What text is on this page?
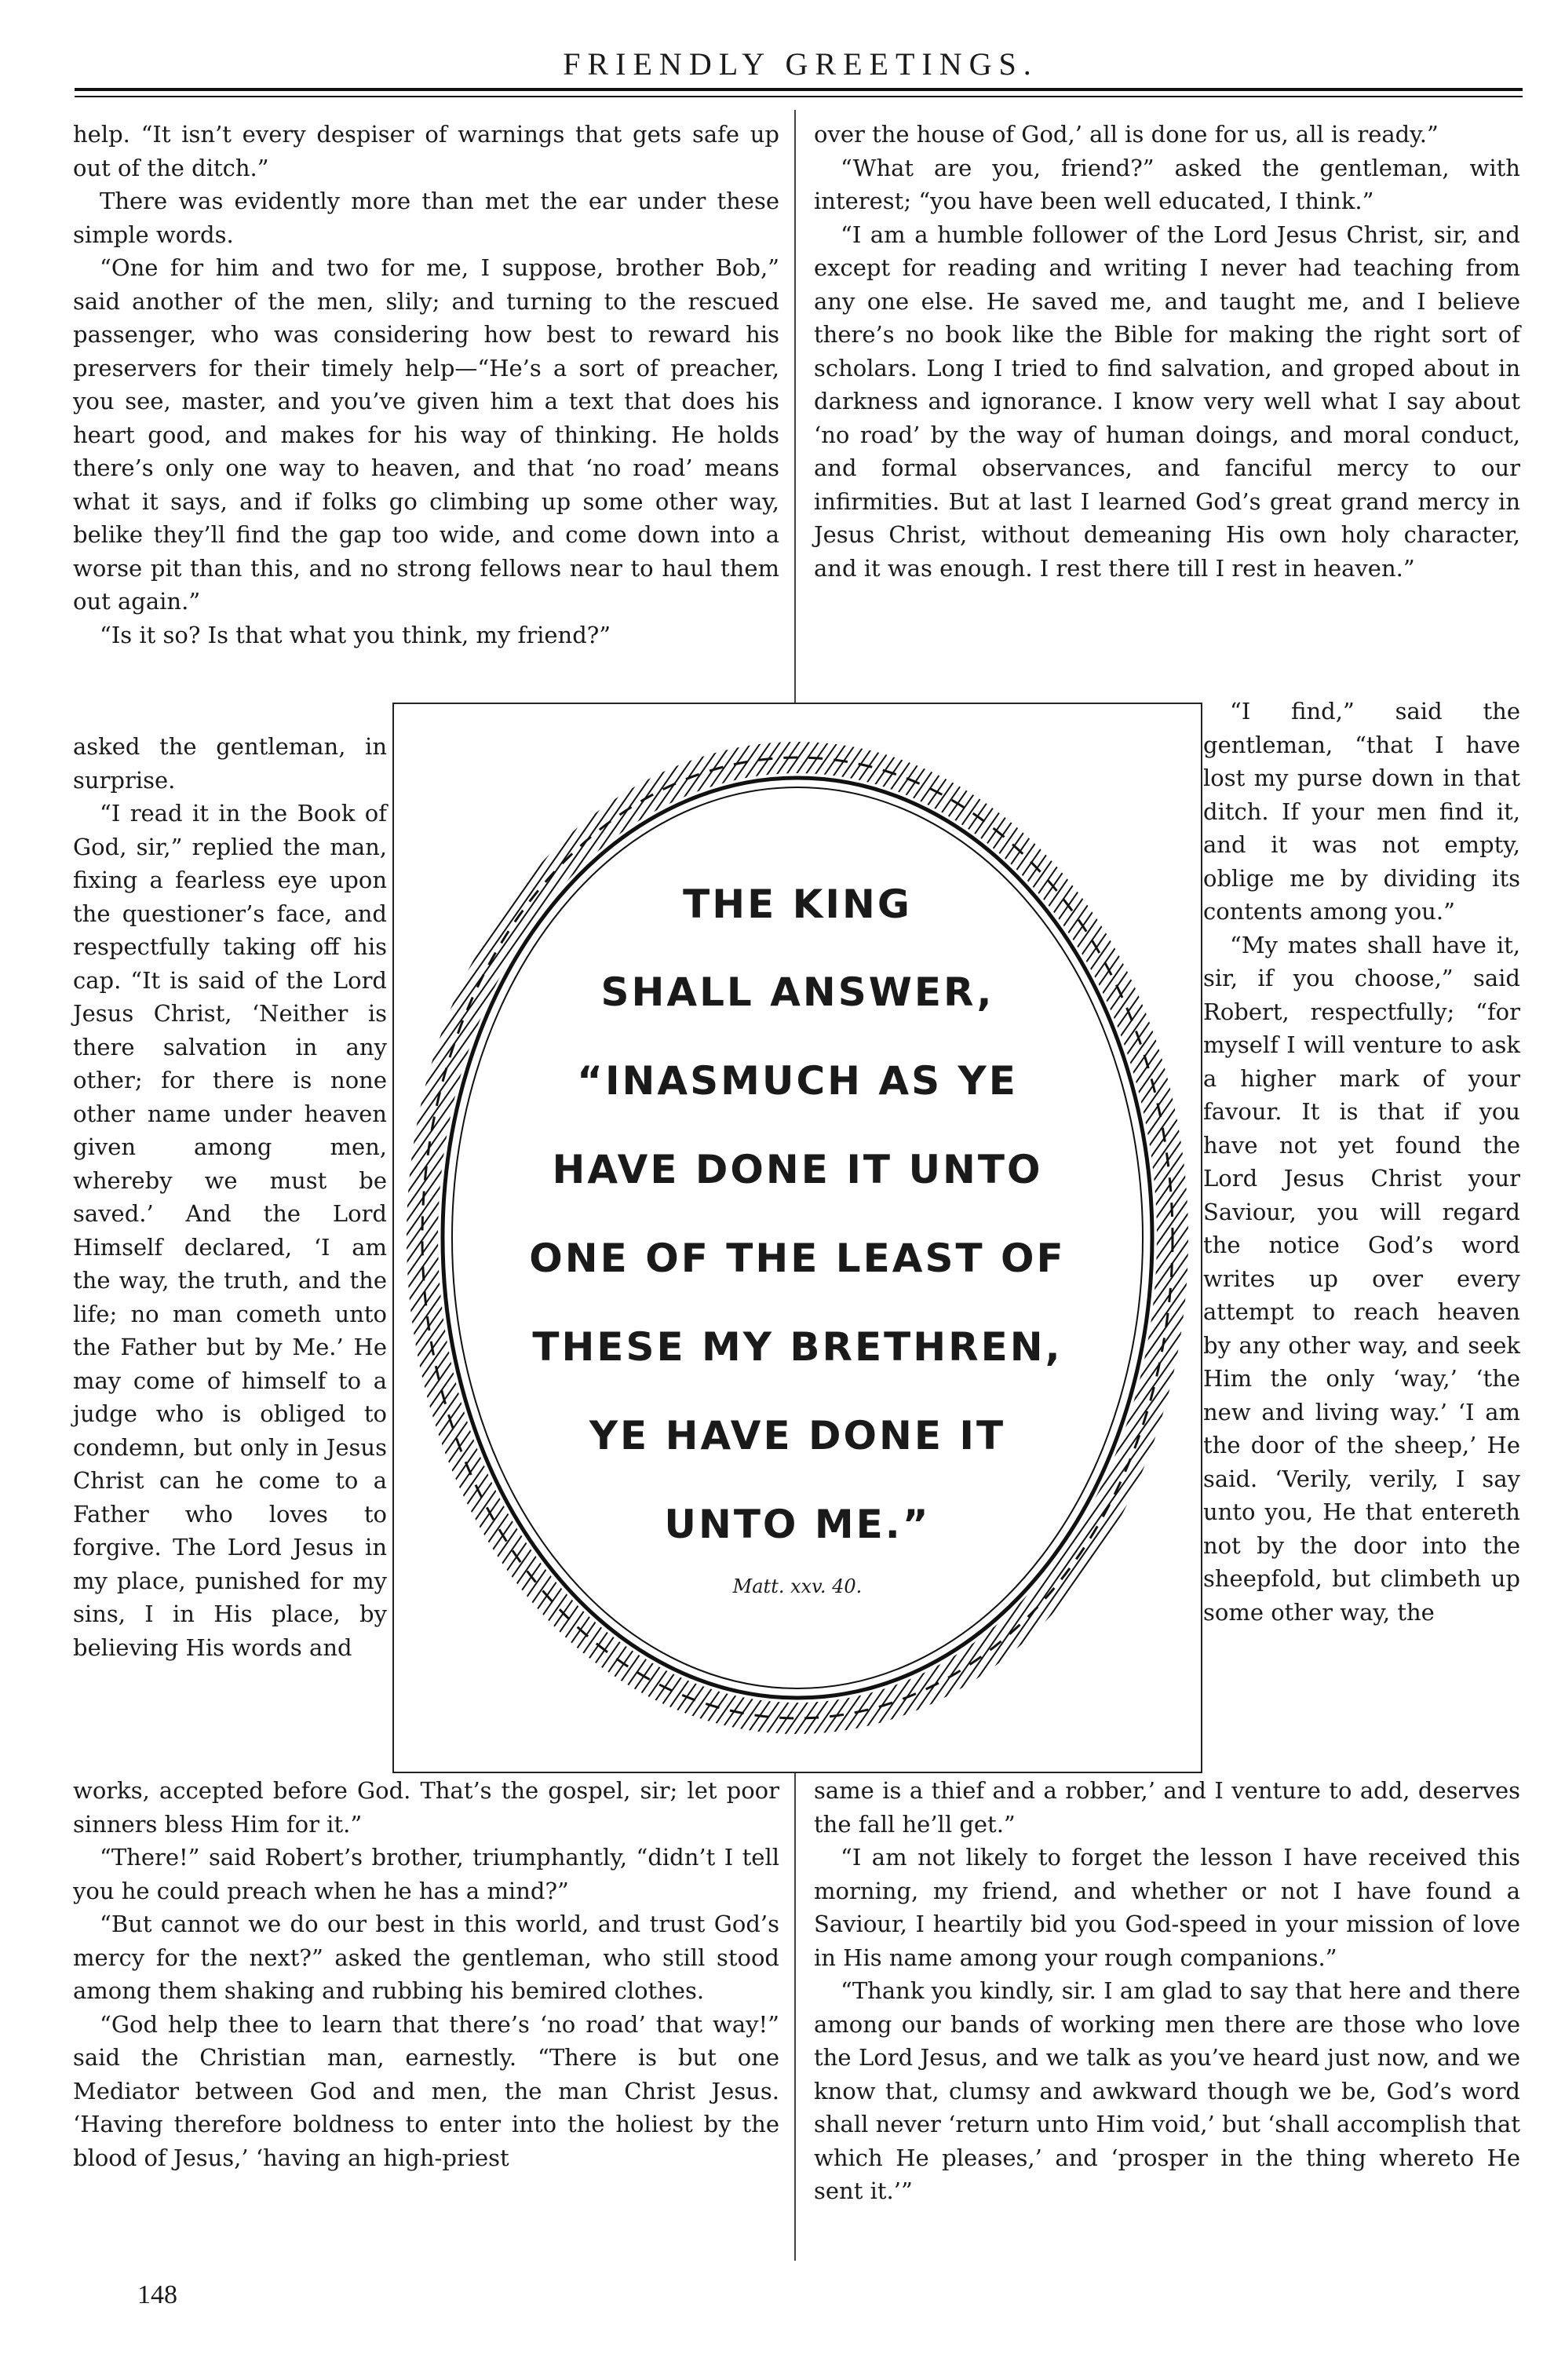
FRIENDLY GREETINGS.

help. “It isn’t every despiser of warnings that gets safe up out of the ditch.”

There was evidently more than met the ear under these simple words.

“One for him and two for me, I suppose, brother Bob,” said another of the men, slily; and turning to the rescued passenger, who was considering how best to reward his preservers for their timely help—“He’s a sort of preacher, you see, master, and you’ve given him a text that does his heart good, and makes for his way of thinking. He holds there’s only one way to heaven, and that ‘no road’ means what it says, and if folks go climbing up some other way, belike they’ll find the gap too wide, and come down into a worse pit than this, and no strong fellows near to haul them out again.”

“Is it so? Is that what you think, my friend?”

asked the gentleman, in surprise.

“I read it in the Book of God, sir,” replied the man, fixing a fearless eye upon the questioner’s face, and respectfully taking off his cap. “It is said of the Lord Jesus Christ, ‘Neither is there salvation in any other; for there is none other name under heaven given among men, whereby we must be saved.’ And the Lord Himself declared, ‘I am the way, the truth, and the life; no man cometh unto the Father but by Me.’ He may come of himself to a judge who is obliged to condemn, but only in Jesus Christ can he come to a Father who loves to forgive. The Lord Jesus in my place, punished for my sins, I in His place, by believing His words and

works, accepted before God. That’s the gospel, sir; let poor sinners bless Him for it.”

“There!” said Robert’s brother, triumphantly, “didn’t I tell you he could preach when he has a mind?”

“But cannot we do our best in this world, and trust God’s mercy for the next?” asked the gentleman, who still stood among them shaking and rubbing his bemired clothes.

“God help thee to learn that there’s ‘no road’ that way!” said the Christian man, earnestly. “There is but one Mediator between God and men, the man Christ Jesus. ‘Having therefore boldness to enter into the holiest by the blood of Jesus,’ ‘having an high-priest

over the house of God,’ all is done for us, all is ready.”

“What are you, friend?” asked the gentleman, with interest; “you have been well educated, I think.”

“I am a humble follower of the Lord Jesus Christ, sir, and except for reading and writing I never had teaching from any one else. He saved me, and taught me, and I believe there’s no book like the Bible for making the right sort of scholars. Long I tried to find salvation, and groped about in darkness and ignorance. I know very well what I say about ‘no road’ by the way of human doings, and moral conduct, and formal observances, and fanciful mercy to our infirmities. But at last I learned God’s great grand mercy in Jesus Christ, without demeaning His own holy character, and it was enough. I rest there till I rest in heaven.”

“I find,” said the gentleman, “that I have lost my purse down in that ditch. If your men find it, and it was not empty, oblige me by dividing its contents among you.”

“My mates shall have it, sir, if you choose,” said Robert, respectfully; “for myself I will venture to ask a higher mark of your favour. It is that if you have not yet found the Lord Jesus Christ your Saviour, you will regard the notice God’s word writes up over every attempt to reach heaven by any other way, and seek Him the only ‘way,’ ‘the new and living way.’ ‘I am the door of the sheep,’ He said. ‘Verily, verily, I say unto you, He that entereth not by the door into the sheepfold, but climbeth up some other way, the

same is a thief and a robber,’ and I venture to add, deserves the fall he’ll get.”

“I am not likely to forget the lesson I have received this morning, my friend, and whether or not I have found a Saviour, I heartily bid you God-speed in your mission of love in His name among your rough companions.”

“Thank you kindly, sir. I am glad to say that here and there among our bands of working men there are those who love the Lord Jesus, and we talk as you’ve heard just now, and we know that, clumsy and awkward though we be, God’s word shall never ‘return unto Him void,’ but ‘shall accomplish that which He pleases,’ and ‘prosper in the thing whereto He sent it.’”

THE KING
SHALL ANSWER,
“INASMUCH AS YE
HAVE DONE IT UNTO
ONE OF THE LEAST OF
THESE MY BRETHREN,
YE HAVE DONE IT
UNTO ME.”
Matt. xxv. 40.
148
